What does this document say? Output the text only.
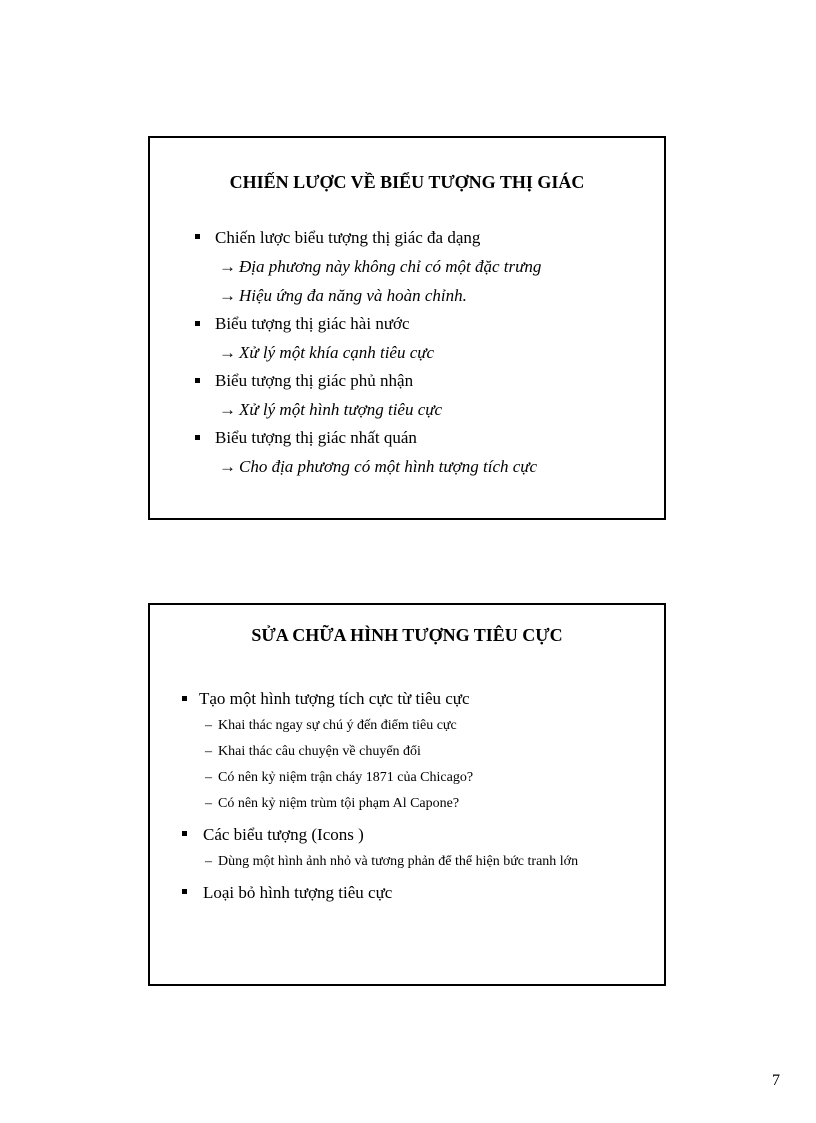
CHIẾN LƯỢC VỀ BIỂU TƯỢNG THỊ GIÁC
Chiến lược biểu tượng thị giác đa dạng
→ Địa phương này không chỉ có một đặc trưng
→ Hiệu ứng đa năng và hoàn chỉnh.
Biểu tượng thị giác hài nước
→ Xử lý một khía cạnh tiêu cực
Biểu tượng thị giác phủ nhận
→ Xử lý một hình tượng tiêu cực
Biểu tượng thị giác nhất quán
→ Cho địa phương có một hình tượng tích cực
SỬA CHỮA HÌNH TƯỢNG TIÊU CỰC
Tạo một hình tượng tích cực từ tiêu cực
– Khai thác ngay sự chú ý đến điểm tiêu cực
– Khai thác câu chuyện về chuyển đổi
– Có nên kỷ niệm trận cháy 1871 của Chicago?
– Có nên kỷ niệm trùm tội phạm Al Capone?
Các biểu tượng (Icons )
– Dùng một hình ảnh nhỏ và tương phản để thể hiện bức tranh lớn
Loại bỏ hình tượng tiêu cực
7
